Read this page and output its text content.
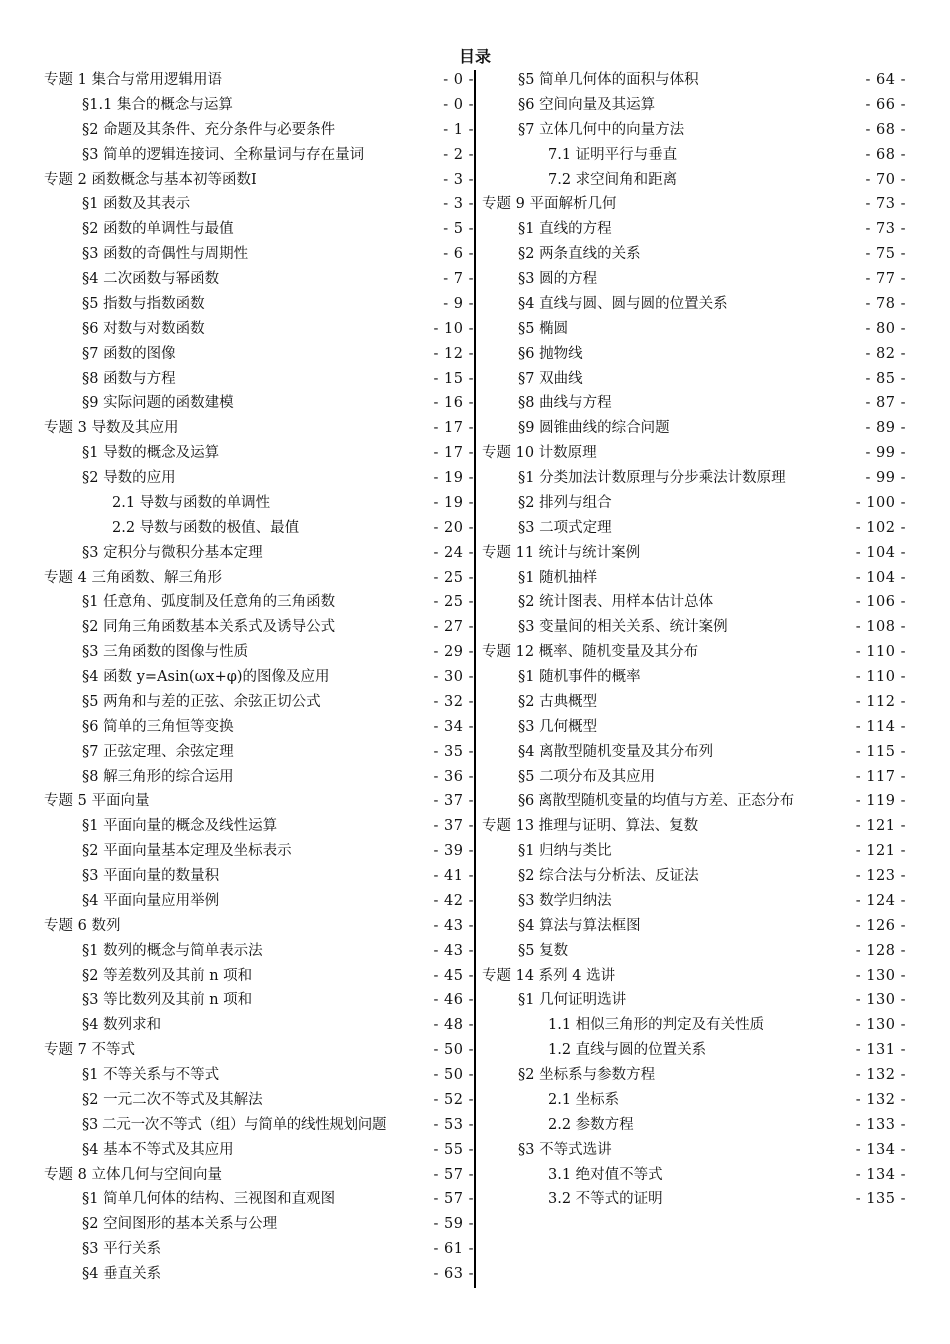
目录
专题 1 集合与常用逻辑用语	- 0 -
§1.1 集合的概念与运算	- 0 -
§2 命题及其条件、充分条件与必要条件	- 1 -
§3 简单的逻辑连接词、全称量词与存在量词	- 2 -
专题 2 函数概念与基本初等函数Ⅰ	- 3 -
§1 函数及其表示	- 3 -
§2 函数的单调性与最值	- 5 -
§3 函数的奇偶性与周期性	- 6 -
§4 二次函数与幂函数	- 7 -
§5 指数与指数函数	- 9 -
§6 对数与对数函数	- 10 -
§7 函数的图像	- 12 -
§8 函数与方程	- 15 -
§9 实际问题的函数建模	- 16 -
专题 3 导数及其应用	- 17 -
§1 导数的概念及运算	- 17 -
§2 导数的应用	- 19 -
2.1 导数与函数的单调性	- 19 -
2.2 导数与函数的极值、最值	- 20 -
§3 定积分与微积分基本定理	- 24 -
专题 4 三角函数、解三角形	- 25 -
§1 任意角、弧度制及任意角的三角函数	- 25 -
§2 同角三角函数基本关系式及诱导公式	- 27 -
§3 三角函数的图像与性质	- 29 -
§4 函数 y=Asin(ωx+φ)的图像及应用	- 30 -
§5 两角和与差的正弦、余弦正切公式	- 32 -
§6 简单的三角恒等变换	- 34 -
§7 正弦定理、余弦定理	- 35 -
§8 解三角形的综合运用	- 36 -
专题 5 平面向量	- 37 -
§1 平面向量的概念及线性运算	- 37 -
§2 平面向量基本定理及坐标表示	- 39 -
§3 平面向量的数量积	- 41 -
§4 平面向量应用举例	- 42 -
专题 6 数列	- 43 -
§1 数列的概念与简单表示法	- 43 -
§2 等差数列及其前 n 项和	- 45 -
§3 等比数列及其前 n 项和	- 46 -
§4 数列求和	- 48 -
专题 7 不等式	- 50 -
§1 不等关系与不等式	- 50 -
§2 一元二次不等式及其解法	- 52 -
§3 二元一次不等式（组）与简单的线性规划问题	- 53 -
§4 基本不等式及其应用	- 55 -
专题 8 立体几何与空间向量	- 57 -
§1 简单几何体的结构、三视图和直观图	- 57 -
§2 空间图形的基本关系与公理	- 59 -
§3 平行关系	- 61 -
§4 垂直关系	- 63 -
§5 简单几何体的面积与体积	- 64 -
§6 空间向量及其运算	- 66 -
§7 立体几何中的向量方法	- 68 -
7.1 证明平行与垂直	- 68 -
7.2 求空间角和距离	- 70 -
专题 9 平面解析几何	- 73 -
§1 直线的方程	- 73 -
§2 两条直线的关系	- 75 -
§3 圆的方程	- 77 -
§4 直线与圆、圆与圆的位置关系	- 78 -
§5 椭圆	- 80 -
§6 抛物线	- 82 -
§7 双曲线	- 85 -
§8 曲线与方程	- 87 -
§9 圆锥曲线的综合问题	- 89 -
专题 10 计数原理	- 99 -
§1 分类加法计数原理与分步乘法计数原理	- 99 -
§2 排列与组合	- 100 -
§3 二项式定理	- 102 -
专题 11 统计与统计案例	- 104 -
§1 随机抽样	- 104 -
§2 统计图表、用样本估计总体	- 106 -
§3 变量间的相关关系、统计案例	- 108 -
专题 12 概率、随机变量及其分布	- 110 -
§1 随机事件的概率	- 110 -
§2 古典概型	- 112 -
§3 几何概型	- 114 -
§4 离散型随机变量及其分布列	- 115 -
§5 二项分布及其应用	- 117 -
§6 离散型随机变量的均值与方差、正态分布	- 119 -
专题 13 推理与证明、算法、复数	- 121 -
§1 归纳与类比	- 121 -
§2 综合法与分析法、反证法	- 123 -
§3 数学归纳法	- 124 -
§4 算法与算法框图	- 126 -
§5 复数	- 128 -
专题 14 系列 4 选讲	- 130 -
§1 几何证明选讲	- 130 -
1.1 相似三角形的判定及有关性质	- 130 -
1.2 直线与圆的位置关系	- 131 -
§2 坐标系与参数方程	- 132 -
2.1 坐标系	- 132 -
2.2 参数方程	- 133 -
§3 不等式选讲	- 134 -
3.1 绝对值不等式	- 134 -
3.2 不等式的证明	- 135 -
